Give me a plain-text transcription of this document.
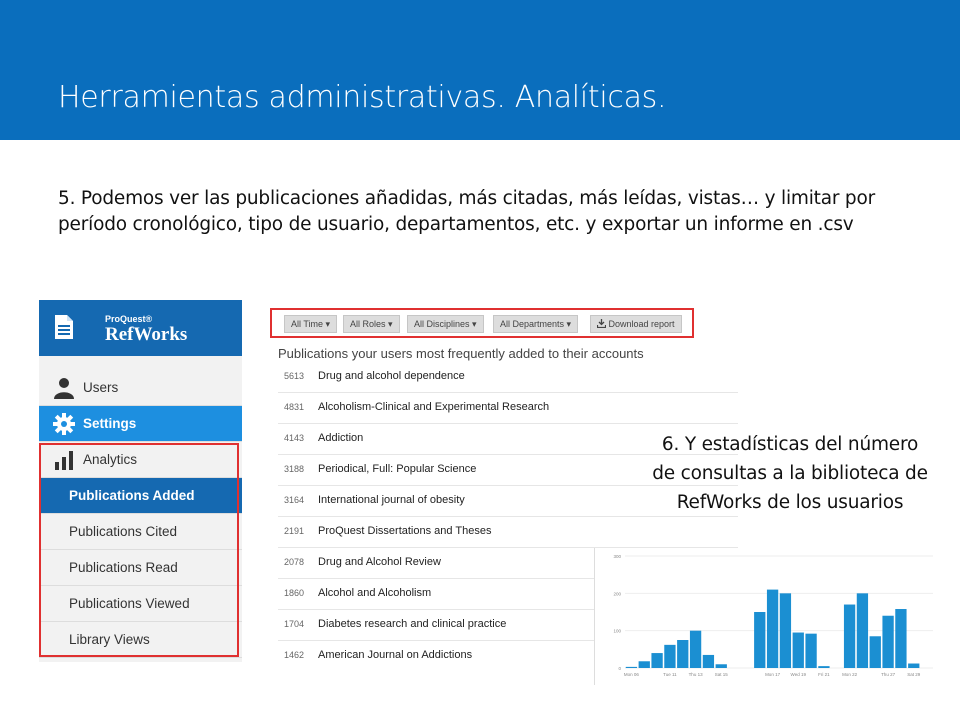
Herramientas administrativas. Analíticas.
5. Podemos ver las publicaciones añadidas, más citadas, más leídas, vistas… y limitar por período cronológico, tipo de usuario, departamentos, etc. y exportar un informe en .csv
ProQuest®
RefWorks
Users
Settings
Analytics
Publications Added
Publications Cited
Publications Read
Publications Viewed
Library Views
All Time ▾	All Roles ▾	All Disciplines ▾	All Departments ▾	Download report
Publications your users most frequently added to their accounts
5613 Drug and alcohol dependence
4831 Alcoholism-Clinical and Experimental Research
4143 Addiction
3188 Periodical, Full: Popular Science
3164 International journal of obesity
2191 ProQuest Dissertations and Theses
2078 Drug and Alcohol Review
1860 Alcohol and Alcoholism
1704 Diabetes research and clinical practice
1462 American Journal on Addictions
6. Y estadísticas del número de consultas a la biblioteca de RefWorks de los usuarios
0
100
200
300
Mon 06	Tue 11	Thu 13	Sat 15	Mon 17 Wed 19	Fri 21	Mon 22	Thu 27	Sat 29
